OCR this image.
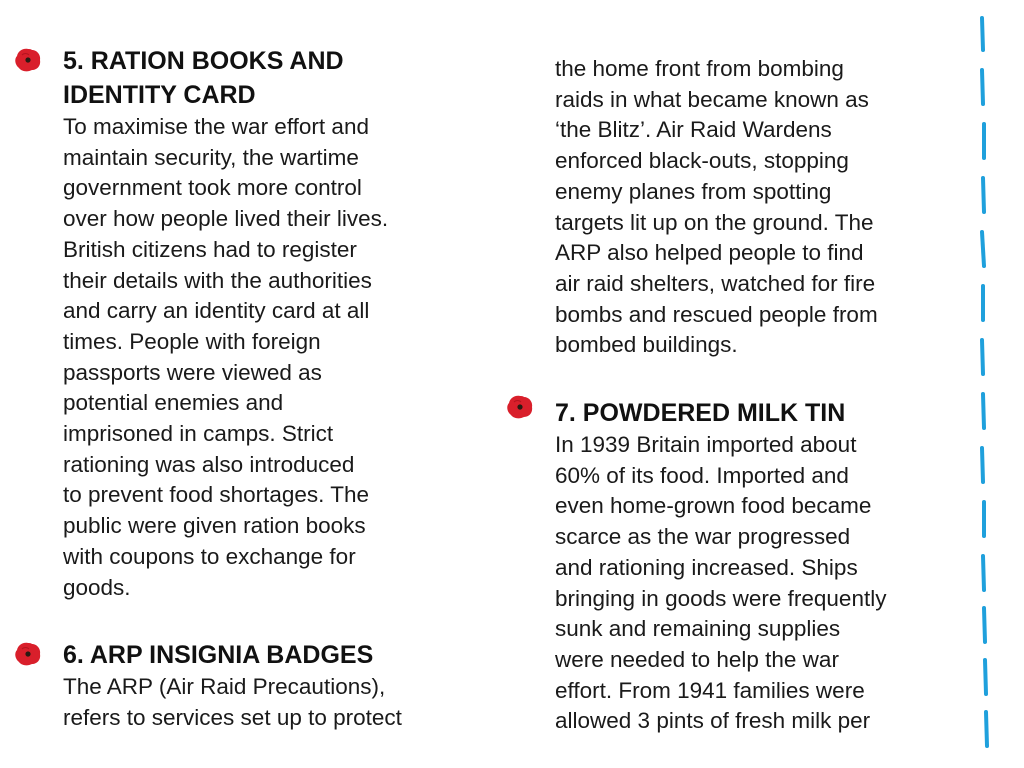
5. RATION BOOKS AND
IDENTITY CARD

To maximise the war effort and
maintain security, the wartime
government took more control
over how people lived their lives.
British citizens had to register
their details with the authorities
and carry an identity card at all
times. People with foreign
passports were viewed as
potential enemies and
imprisoned in camps. Strict
rationing was also introduced
to prevent food shortages. The
public were given ration books
with coupons to exchange for
goods.

6. ARP INSIGNIA BADGES

The ARP (Air Raid Precautions),
refers to services set up to protect

the home front from bombing
raids in what became known as
‘the Blitz’. Air Raid Wardens
enforced black-outs, stopping
enemy planes from spotting
targets lit up on the ground. The
ARP also helped people to find
air raid shelters, watched for fire
bombs and rescued people from
bombed buildings.

7. POWDERED MILK TIN

In 1939 Britain imported about
60% of its food. Imported and
even home-grown food became
scarce as the war progressed
and rationing increased. Ships
bringing in goods were frequently
sunk and remaining supplies
were needed to help the war
effort. From 1941 families were
allowed 3 pints of fresh milk per
